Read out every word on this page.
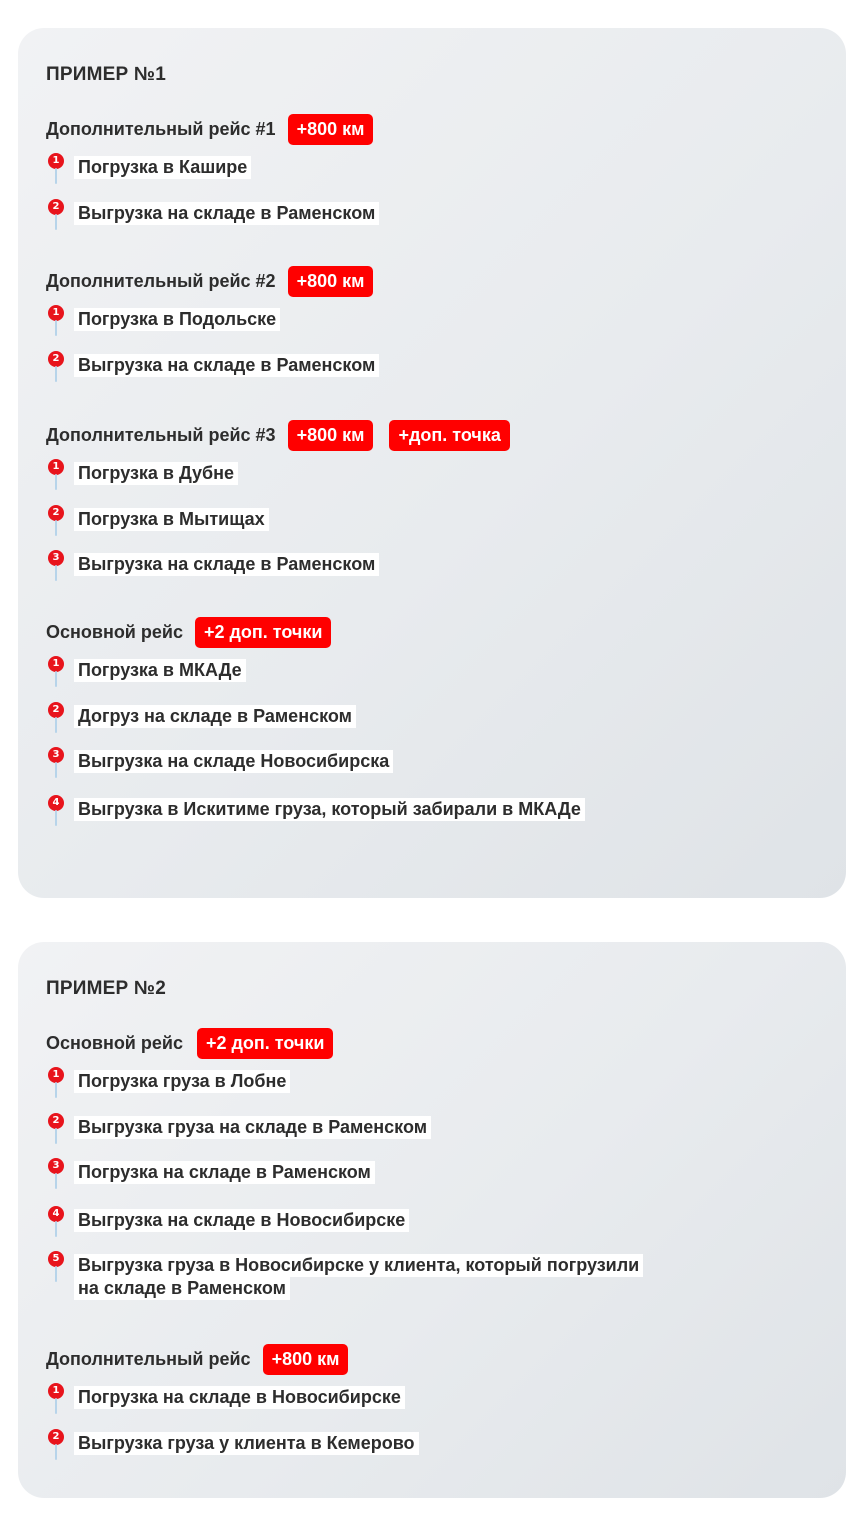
ПРИМЕР №1
Дополнительный рейс #1	+800 км
1 Погрузка в Кашире
2 Выгрузка на складе в Раменском
Дополнительный рейс #2	+800 км
1 Погрузка в Подольске
2 Выгрузка на складе в Раменском
Дополнительный рейс #3	+800 км	+доп. точка
1 Погрузка в Дубне
2 Погрузка в Мытищах
3 Выгрузка на складе в Раменском
Основной рейс	+2 доп. точки
1 Погрузка в МКАДе
2 Догруз на складе в Раменском
3 Выгрузка на складе Новосибирска
4 Выгрузка в Искитиме груза, который забирали в МКАДе
ПРИМЕР №2
Основной рейс	+2 доп. точки
1 Погрузка груза в Лобне
2 Выгрузка груза на складе в Раменском
3 Погрузка на складе в Раменском
4 Выгрузка на складе в Новосибирске
5 Выгрузка груза в Новосибирске у клиента, который погрузили
на складе в Раменском
Дополнительный рейс	+800 км
1 Погрузка на складе в Новосибирске
2 Выгрузка груза у клиента в Кемерово
